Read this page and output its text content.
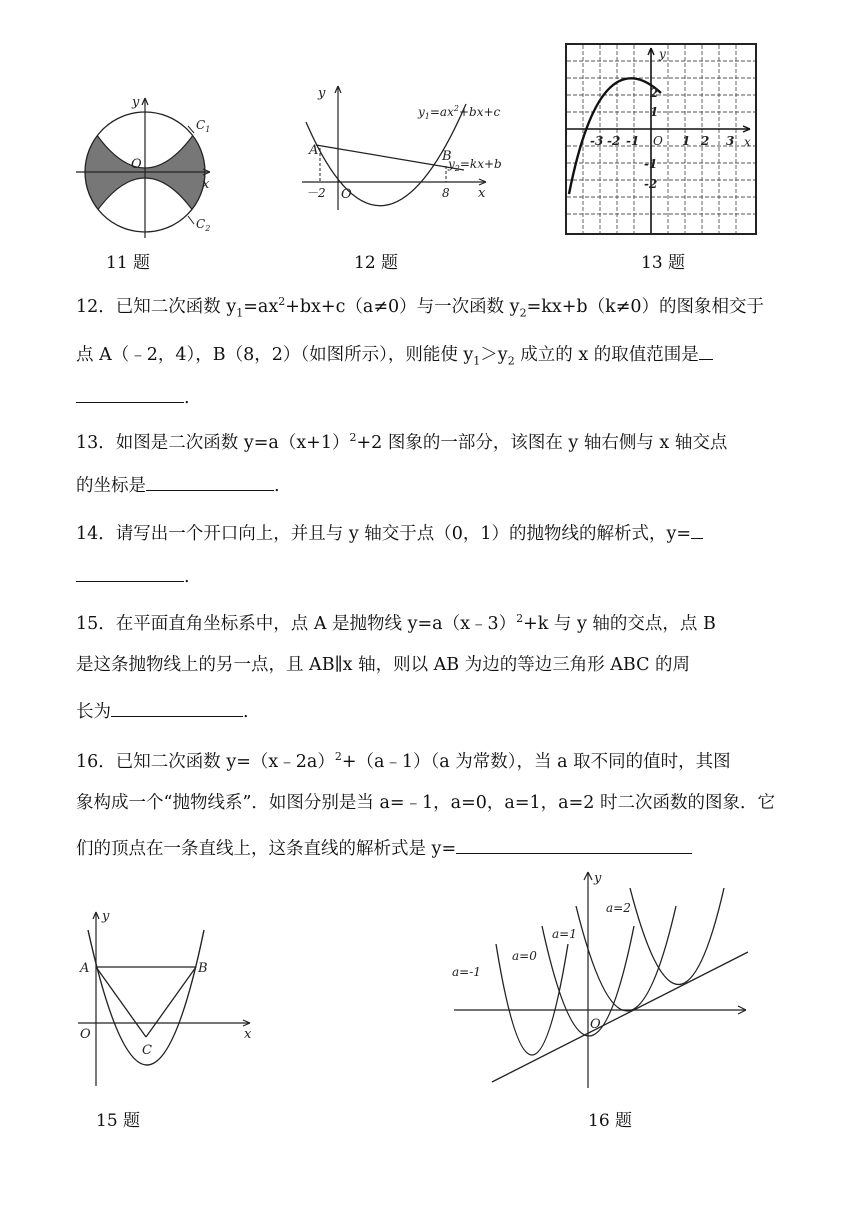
y
x
O
$C_1$
$C_2$
y
x
O
A	B
－2	8
$y_1=ax^2+bx+c$
$y_2=kx+b$
-3 -2 -1	1 2 3
2
1
-1
-2
O
y
x
11 题	12 题	13 题
12．已知二次函数 $y_1=ax^2+bx+c(a\ne 0)$与一次函数 $y_2=kx+b(k\ne 0)$的图象相交于
点 A（﹣2，4），B（8，2）（如图所示），则能使 $y_1>y_2$ 成立的 x 的取值范围是
.
13．如图是二次函数 $y=a(x+1)^2+2$ 图象的一部分，该图在 y 轴右侧与 x 轴交点
的坐标是	.
14．请写出一个开口向上，并且与 y 轴交于点（0，1）的抛物线的解析式，y=
.
15．在平面直角坐标系中，点 A 是抛物线 y=a（x﹣3）$^2$+k 与 y 轴的交点，点 B
是这条抛物线上的另一点，且 AB∥x 轴，则以 AB 为边的等边三角形 ABC 的周
长为	.
16．已知二次函数 y=（x﹣2a）$^2$+（a﹣1）（a 为常数），当 a 取不同的值时，其图
象构成一个“抛物线系”．如图分别是当 a=﹣1，a=0，a=1，a=2 时二次函数的图象．它
们的顶点在一条直线上，这条直线的解析式是 y=
y
x
O
A	B
C
y
O
a=-1
a=0
a=1
a=2
15 题	16 题
